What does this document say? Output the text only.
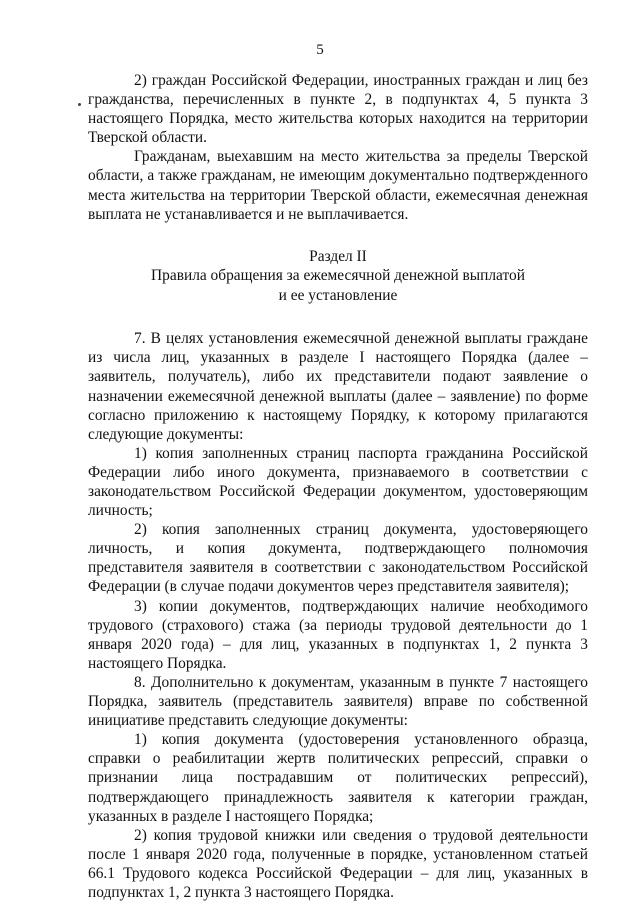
5

2) граждан Российской Федерации, иностранных граждан и лиц без гражданства, перечисленных в пункте 2, в подпунктах 4, 5 пункта 3 настоящего Порядка, место жительства которых находится на территории Тверской области.

Гражданам, выехавшим на место жительства за пределы Тверской области, а также гражданам, не имеющим документально подтвержденного места жительства на территории Тверской области, ежемесячная денежная выплата не устанавливается и не выплачивается.

Раздел II
Правила обращения за ежемесячной денежной выплатой
и ее установление

7. В целях установления ежемесячной денежной выплаты граждане из числа лиц, указанных в разделе I настоящего Порядка (далее – заявитель, получатель), либо их представители подают заявление о назначении ежемесячной денежной выплаты (далее – заявление) по форме согласно приложению к настоящему Порядку, к которому прилагаются следующие документы:

1) копия заполненных страниц паспорта гражданина Российской Федерации либо иного документа, признаваемого в соответствии с законодательством Российской Федерации документом, удостоверяющим личность;

2) копия заполненных страниц документа, удостоверяющего личность, и копия документа, подтверждающего полномочия представителя заявителя в соответствии с законодательством Российской Федерации (в случае подачи документов через представителя заявителя);

3) копии документов, подтверждающих наличие необходимого трудового (страхового) стажа (за периоды трудовой деятельности до 1 января 2020 года) – для лиц, указанных в подпунктах 1, 2 пункта 3 настоящего Порядка.

8. Дополнительно к документам, указанным в пункте 7 настоящего Порядка, заявитель (представитель заявителя) вправе по собственной инициативе представить следующие документы:

1) копия документа (удостоверения установленного образца, справки о реабилитации жертв политических репрессий, справки о признании лица пострадавшим от политических репрессий), подтверждающего принадлежность заявителя к категории граждан, указанных в разделе I настоящего Порядка;

2) копия трудовой книжки или сведения о трудовой деятельности после 1 января 2020 года, полученные в порядке, установленном статьей 66.1 Трудового кодекса Российской Федерации – для лиц, указанных в подпунктах 1, 2 пункта 3 настоящего Порядка.
